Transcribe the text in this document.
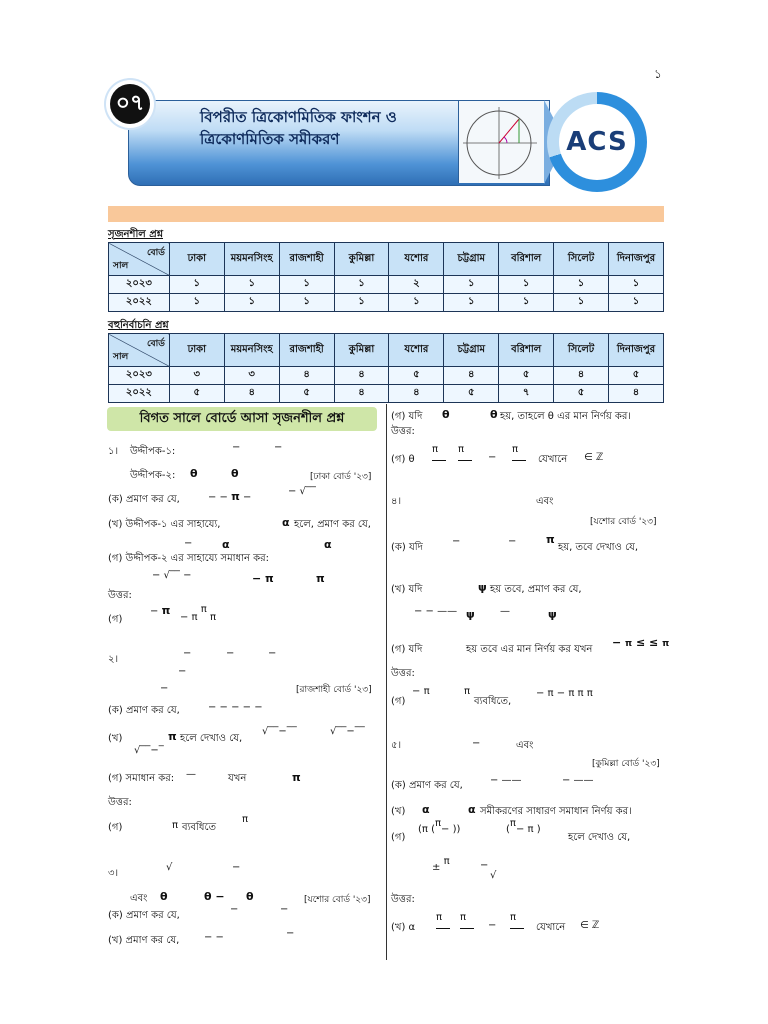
১
বিপরীত ত্রিকোণমিতিক ফাংশন ও
ত্রিকোণমিতিক সমীকরণ	ACS
০৭
সৃজনশীল প্রশ্ন
বোর্ড
সাল	ঢাকা	ময়মনসিংহ	রাজশাহী	কুমিল্লা	যশোর	চট্টগ্রাম	বরিশাল	সিলেট	দিনাজপুর
২০২৩	১	১	১	১	২	১	১	১	১
২০২২	১	১	১	১	১	১	১	১	১
বহুনির্বাচনি প্রশ্ন
বোর্ড
সাল	ঢাকা	ময়মনসিংহ	রাজশাহী	কুমিল্লা	যশোর	চট্টগ্রাম	বরিশাল	সিলেট	দিনাজপুর
২০২৩	৩	৩	৪	৪	৫	৪	৫	৪	৫
২০২২	৫	৪	৫	৪	৪	৫	৭	৫	৪
বিগত সালে বোর্ডে আসা সৃজনশীল প্রশ্ন
১। উদ্দীপক-১:	−	−
উদ্দীপক-২: θ	θ	[ঢাকা বোর্ড '২৩]
(ক) প্রমাণ কর যে,	− − π −
− √‾‾
(খ) উদ্দীপক-১ এর সাহায্যে,	α হলে, প্রমাণ কর যে,
−	α	α
(গ) উদ্দীপক-২ এর সাহায্যে সমাধান কর:
− √‾‾ −	− π	π
উত্তর:
(গ)
− π
− π π π
২।
−	−	−
−
−	[রাজশাহী বোর্ড '২৩]
(ক) প্রমাণ কর যে,	− − − − −
(খ)	π হলে দেখাও যে,
√‾‾−‾‾	√‾‾−‾‾
√‾‾−‾
(গ) সমাধান কর: —	যখন	π
উত্তর:
(গ)	π ব্যবধিতে
π
৩।
√	−
এবং θ	θ − θ	[যশোর বোর্ড '২৩]
(ক) প্রমাণ কর যে,
−	−
(খ) প্রমাণ কর যে, − −	−
(গ) যদি θ	θ হয়, তাহলে θ এর মান নির্ণয় কর।
উত্তর:
(গ) θ
π	π

−
π

যেখানে ∈ ℤ
৪।	এবং
[যশোর বোর্ড '২৩]
(ক) যদি
−	−	π
হয়, তবে দেখাও যে,
(খ) যদি	ψ হয় তবে, প্রমাণ কর যে,
− − —— ψ	—	ψ
(গ) যদি	হয় তবে এর মান নির্ণয় কর যখন
− π ≤ ≤ π
উত্তর:
(গ)
− π	π
ব্যবধিতে,
− π − π π π
৫।	−	এবং
[কুমিল্লা বোর্ড '২৩]
(ক) প্রমাণ কর যে,	− ——	− ——
(খ) α	α সমীকরণের সাধারণ সমাধান নির্ণয় কর।
(গ)
(π (π− ))	(π− π )
হলে দেখাও যে,
± π	−
√
উত্তর:
(খ) α
π	π

−
π

যেখানে ∈ ℤ
